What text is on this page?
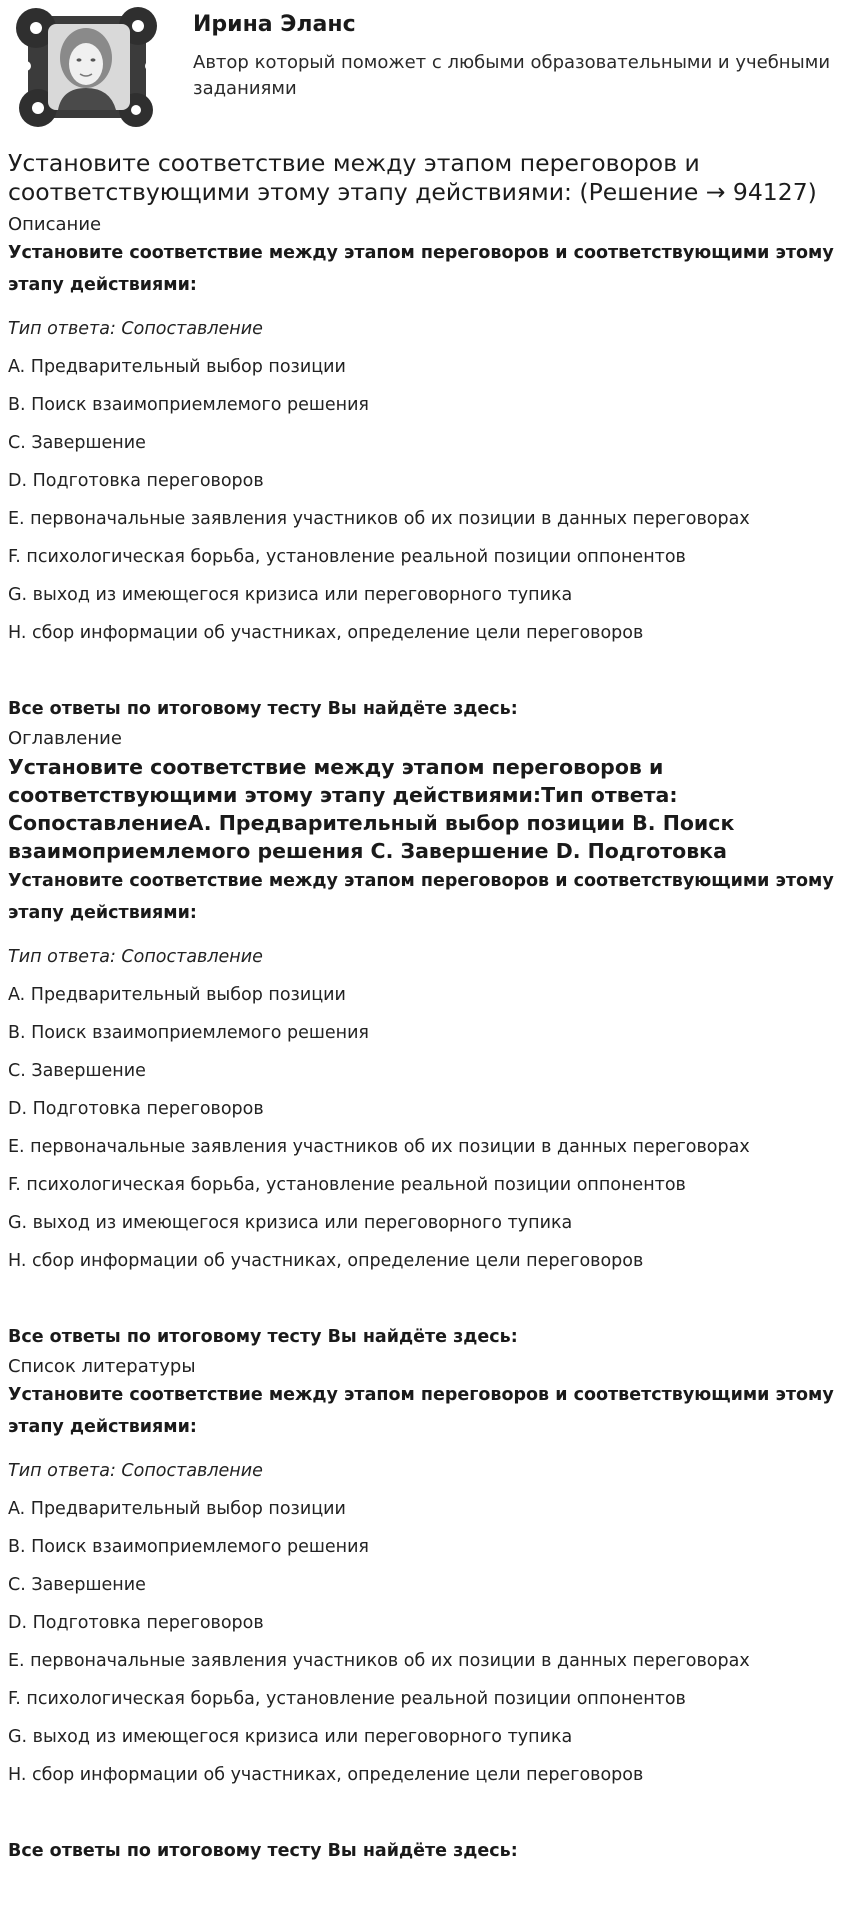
Ирина Эланс
Автор который поможет с любыми образовательными и учебными заданиями
Установите соответствие между этапом переговоров и соответствующими этому этапу действиями: (Решение → 94127)
Описание

Установите соответствие между этапом переговоров и соответствующими этому этапу действиями:

Тип ответа: Сопоставление
A. Предварительный выбор позиции
B. Поиск взаимоприемлемого решения
C. Завершение
D. Подготовка переговоров
E. первоначальные заявления участников об их позиции в данных переговорах
F. психологическая борьба, установление реальной позиции оппонентов
G. выход из имеющегося кризиса или переговорного тупика
H. сбор информации об участниках, определение цели переговоров
Все ответы по итоговому тесту Вы найдёте здесь:
Оглавление
Установите соответствие между этапом переговоров и соответствующими этому этапу действиями:Тип ответа: СопоставлениеA. Предварительный выбор позиции B. Поиск взаимоприемлемого решения C. Завершение D. Подготовка

Установите соответствие между этапом переговоров и соответствующими этому этапу действиями:

Тип ответа: Сопоставление
A. Предварительный выбор позиции
B. Поиск взаимоприемлемого решения
C. Завершение
D. Подготовка переговоров
E. первоначальные заявления участников об их позиции в данных переговорах
F. психологическая борьба, установление реальной позиции оппонентов
G. выход из имеющегося кризиса или переговорного тупика
H. сбор информации об участниках, определение цели переговоров
Все ответы по итоговому тесту Вы найдёте здесь:
Список литературы

Установите соответствие между этапом переговоров и соответствующими этому этапу действиями:

Тип ответа: Сопоставление
A. Предварительный выбор позиции
B. Поиск взаимоприемлемого решения
C. Завершение
D. Подготовка переговоров
E. первоначальные заявления участников об их позиции в данных переговорах
F. психологическая борьба, установление реальной позиции оппонентов
G. выход из имеющегося кризиса или переговорного тупика
H. сбор информации об участниках, определение цели переговоров
Все ответы по итоговому тесту Вы найдёте здесь:
